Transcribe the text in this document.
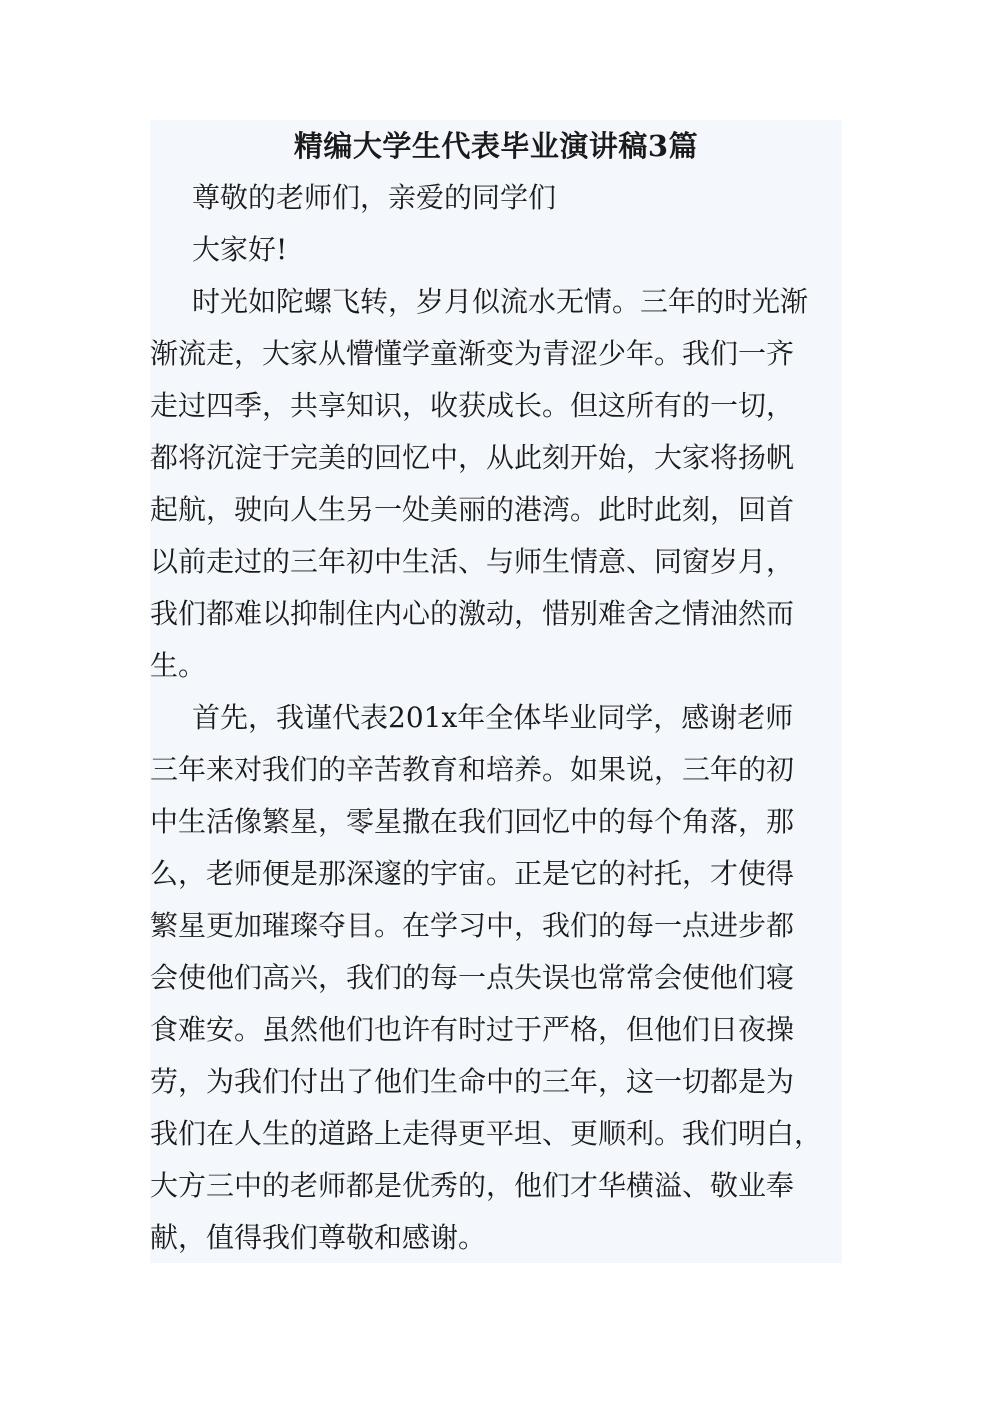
精编大学生代表毕业演讲稿3篇
尊敬的老师们，亲爱的同学们
大家好!
时光如陀螺飞转，岁月似流水无情。三年的时光渐
渐流走，大家从懵懂学童渐变为青涩少年。我们一齐
走过四季，共享知识，收获成长。但这所有的一切，
都将沉淀于完美的回忆中，从此刻开始，大家将扬帆
起航，驶向人生另一处美丽的港湾。此时此刻，回首
以前走过的三年初中生活、与师生情意、同窗岁月，
我们都难以抑制住内心的激动，惜别难舍之情油然而
生。
首先，我谨代表201x年全体毕业同学，感谢老师
三年来对我们的辛苦教育和培养。如果说，三年的初
中生活像繁星，零星撒在我们回忆中的每个角落，那
么，老师便是那深邃的宇宙。正是它的衬托，才使得
繁星更加璀璨夺目。在学习中，我们的每一点进步都
会使他们高兴，我们的每一点失误也常常会使他们寝
食难安。虽然他们也许有时过于严格，但他们日夜操
劳，为我们付出了他们生命中的三年，这一切都是为
我们在人生的道路上走得更平坦、更顺利。我们明白，
大方三中的老师都是优秀的，他们才华横溢、敬业奉
献，值得我们尊敬和感谢。
